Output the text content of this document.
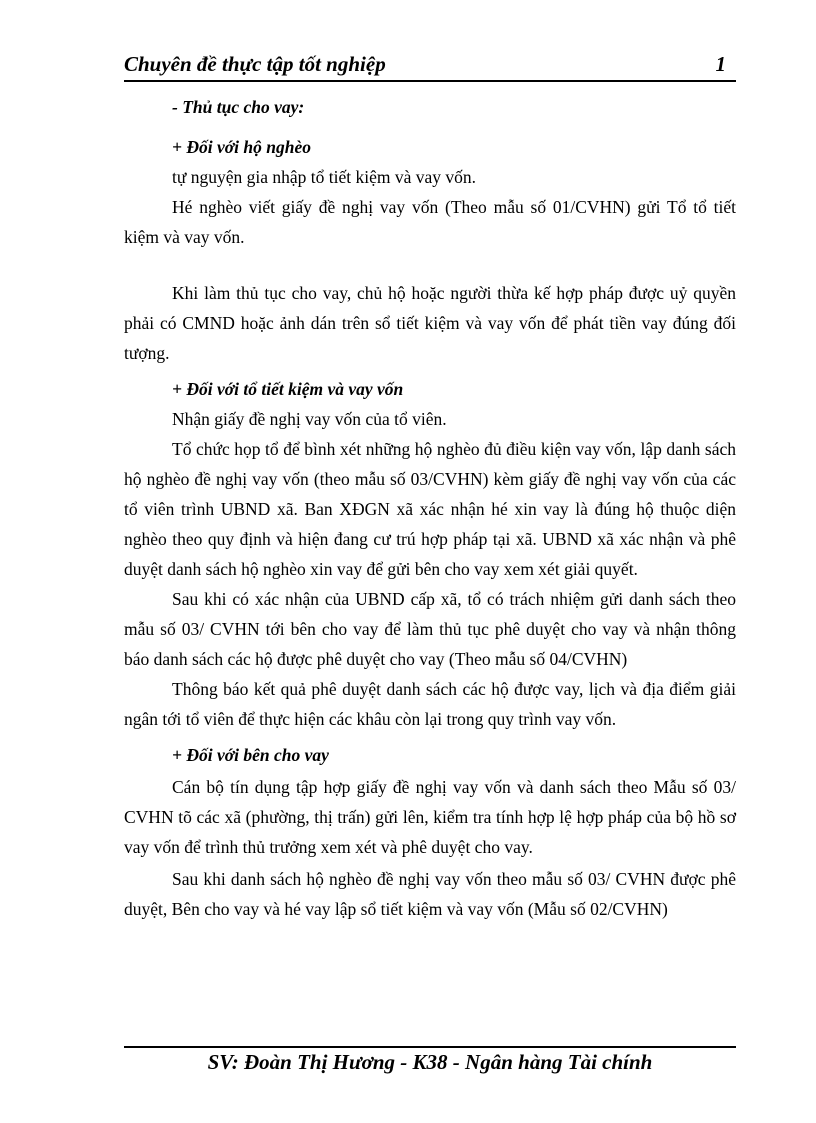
Chuyên đề thực tập tốt nghiệp	1

- Thủ tục cho vay:

+ Đối với hộ nghèo

tự nguyện gia nhập tổ tiết kiệm và vay vốn.

Hé nghèo viết giấy đề nghị vay vốn (Theo mẫu số 01/CVHN) gửi Tổ tổ tiết kiệm và vay vốn.

Khi làm thủ tục cho vay, chủ hộ hoặc người thừa kế hợp pháp được uỷ quyền phải có CMND hoặc ảnh dán trên sổ tiết kiệm và vay vốn để phát tiền vay đúng đối tượng.

+ Đối với tổ tiết kiệm và vay vốn

Nhận giấy đề nghị vay vốn của tổ viên.

Tổ chức họp tổ để bình xét những hộ nghèo đủ điều kiện vay vốn, lập danh sách hộ nghèo đề nghị vay vốn (theo mẫu số 03/CVHN) kèm giấy đề nghị vay vốn của các tổ viên trình UBND xã. Ban XĐGN xã xác nhận hé xin vay là đúng hộ thuộc diện nghèo theo quy định và hiện đang cư trú hợp pháp tại xã. UBND xã xác nhận và phê duyệt danh sách hộ nghèo xin vay để gửi bên cho vay xem xét giải quyết.

Sau khi có xác nhận của UBND cấp xã, tổ có trách nhiệm gửi danh sách theo mẫu số 03/ CVHN tới bên cho vay để làm thủ tục phê duyệt cho vay và nhận thông báo danh sách các hộ được phê duyệt cho vay (Theo mẫu số 04/CVHN)

Thông báo kết quả phê duyệt danh sách các hộ được vay, lịch và địa điểm giải ngân tới tổ viên để thực hiện các khâu còn lại trong quy trình vay vốn.

+ Đối với bên cho vay

Cán bộ tín dụng tập hợp giấy đề nghị vay vốn và danh sách theo Mẫu số 03/ CVHN tõ các xã (phường, thị trấn) gửi lên, kiểm tra tính hợp lệ hợp pháp của bộ hồ sơ vay vốn để trình thủ trưởng xem xét và phê duyệt cho vay.

Sau khi danh sách hộ nghèo đề nghị vay vốn theo mẫu số 03/ CVHN được phê duyệt, Bên cho vay và hé vay lập sổ tiết kiệm và vay vốn (Mẫu số 02/CVHN)

SV: Đoàn Thị Hương - K38 - Ngân hàng Tài chính
